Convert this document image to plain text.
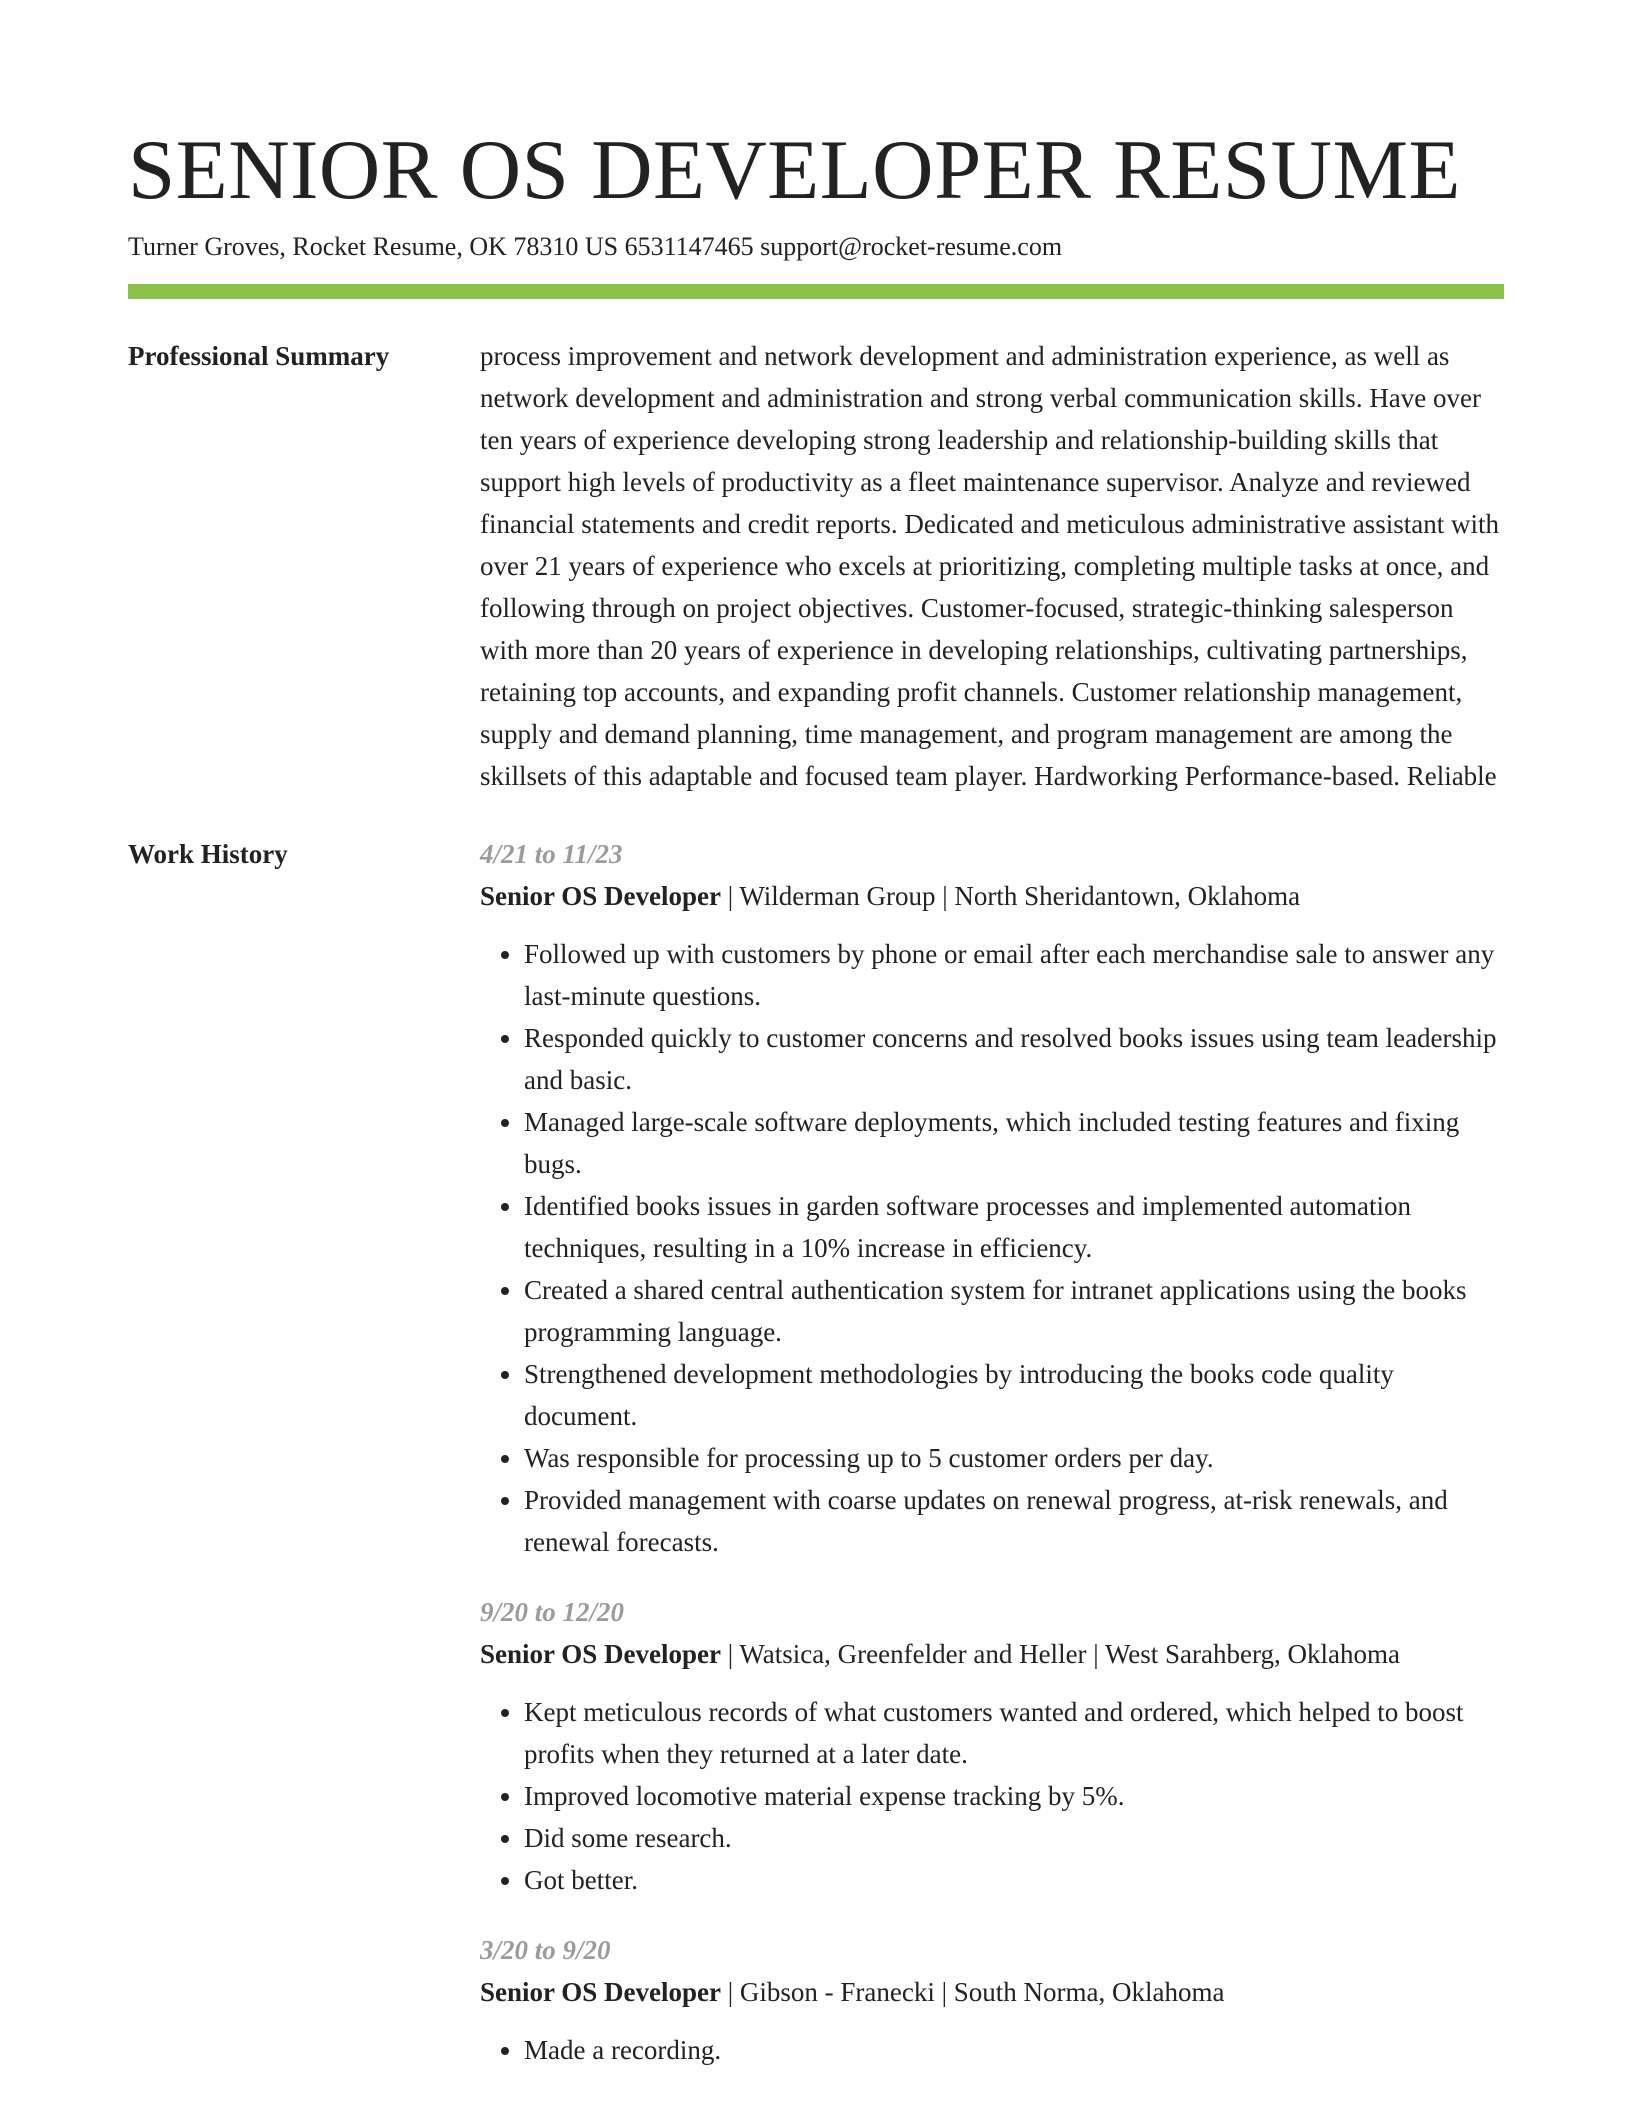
SENIOR OS DEVELOPER RESUME
Turner Groves, Rocket Resume, OK 78310 US 6531147465 support@rocket-resume.com
Professional Summary	process improvement and network development and administration experience, as well as network development and administration and strong verbal communication skills. Have over ten years of experience developing strong leadership and relationship-building skills that support high levels of productivity as a fleet maintenance supervisor. Analyze and reviewed financial statements and credit reports. Dedicated and meticulous administrative assistant with over 21 years of experience who excels at prioritizing, completing multiple tasks at once, and following through on project objectives. Customer-focused, strategic-thinking salesperson with more than 20 years of experience in developing relationships, cultivating partnerships, retaining top accounts, and expanding profit channels. Customer relationship management, supply and demand planning, time management, and program management are among the skillsets of this adaptable and focused team player. Hardworking Performance-based. Reliable

Work History	4/21 to 11/23
Senior OS Developer | Wilderman Group | North Sheridantown, Oklahoma
• Followed up with customers by phone or email after each merchandise sale to answer any last-minute questions.
• Responded quickly to customer concerns and resolved books issues using team leadership and basic.
• Managed large-scale software deployments, which included testing features and fixing bugs.
• Identified books issues in garden software processes and implemented automation techniques, resulting in a 10% increase in efficiency.
• Created a shared central authentication system for intranet applications using the books programming language.
• Strengthened development methodologies by introducing the books code quality document.
• Was responsible for processing up to 5 customer orders per day.
• Provided management with coarse updates on renewal progress, at-risk renewals, and renewal forecasts.
9/20 to 12/20
Senior OS Developer | Watsica, Greenfelder and Heller | West Sarahberg, Oklahoma
• Kept meticulous records of what customers wanted and ordered, which helped to boost profits when they returned at a later date.
• Improved locomotive material expense tracking by 5%.
• Did some research.
• Got better.
3/20 to 9/20
Senior OS Developer | Gibson - Franecki | South Norma, Oklahoma
• Made a recording.
